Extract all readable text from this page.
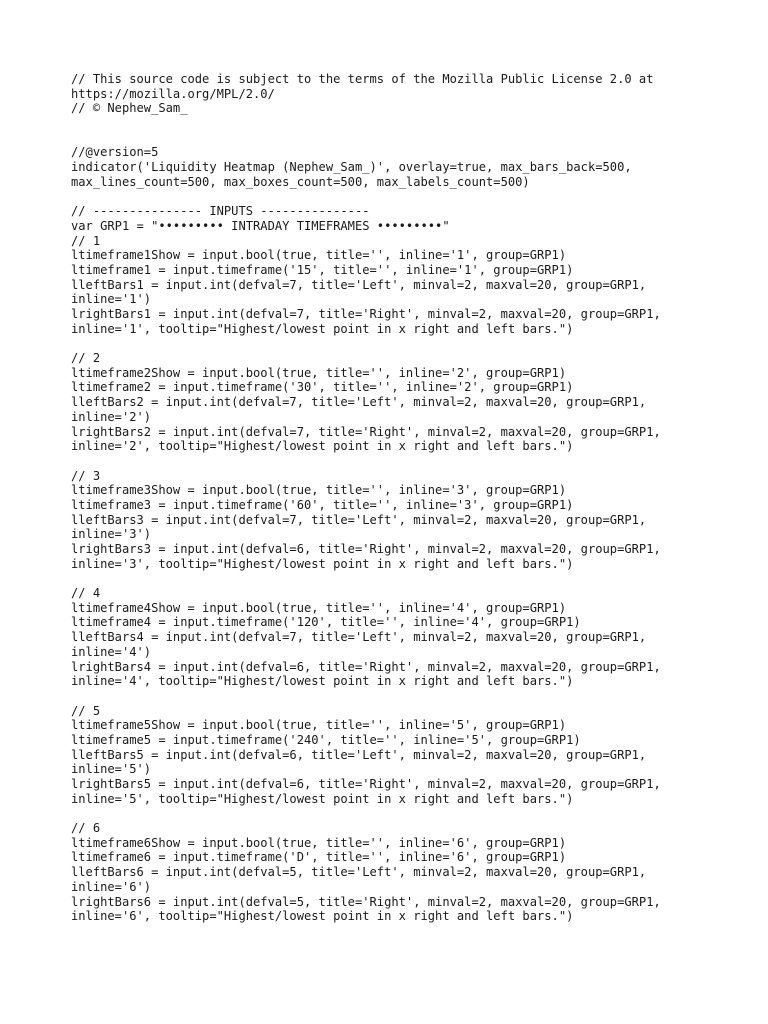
// This source code is subject to the terms of the Mozilla Public License 2.0 at
https://mozilla.org/MPL/2.0/
// © Nephew_Sam_
//@version=5
indicator('Liquidity Heatmap (Nephew_Sam_)', overlay=true, max_bars_back=500,
max_lines_count=500, max_boxes_count=500, max_labels_count=500)
// --------------- INPUTS ---------------
var GRP1 = "••••••••• INTRADAY TIMEFRAMES •••••••••"
// 1
ltimeframe1Show = input.bool(true, title='', inline='1', group=GRP1)
ltimeframe1 = input.timeframe('15', title='', inline='1', group=GRP1)
lleftBars1 = input.int(defval=7, title='Left', minval=2, maxval=20, group=GRP1,
inline='1')
lrightBars1 = input.int(defval=7, title='Right', minval=2, maxval=20, group=GRP1,
inline='1', tooltip="Highest/lowest point in x right and left bars.")
// 2
ltimeframe2Show = input.bool(true, title='', inline='2', group=GRP1)
ltimeframe2 = input.timeframe('30', title='', inline='2', group=GRP1)
lleftBars2 = input.int(defval=7, title='Left', minval=2, maxval=20, group=GRP1,
inline='2')
lrightBars2 = input.int(defval=7, title='Right', minval=2, maxval=20, group=GRP1,
inline='2', tooltip="Highest/lowest point in x right and left bars.")
// 3
ltimeframe3Show = input.bool(true, title='', inline='3', group=GRP1)
ltimeframe3 = input.timeframe('60', title='', inline='3', group=GRP1)
lleftBars3 = input.int(defval=7, title='Left', minval=2, maxval=20, group=GRP1,
inline='3')
lrightBars3 = input.int(defval=6, title='Right', minval=2, maxval=20, group=GRP1,
inline='3', tooltip="Highest/lowest point in x right and left bars.")
// 4
ltimeframe4Show = input.bool(true, title='', inline='4', group=GRP1)
ltimeframe4 = input.timeframe('120', title='', inline='4', group=GRP1)
lleftBars4 = input.int(defval=7, title='Left', minval=2, maxval=20, group=GRP1,
inline='4')
lrightBars4 = input.int(defval=6, title='Right', minval=2, maxval=20, group=GRP1,
inline='4', tooltip="Highest/lowest point in x right and left bars.")
// 5
ltimeframe5Show = input.bool(true, title='', inline='5', group=GRP1)
ltimeframe5 = input.timeframe('240', title='', inline='5', group=GRP1)
lleftBars5 = input.int(defval=6, title='Left', minval=2, maxval=20, group=GRP1,
inline='5')
lrightBars5 = input.int(defval=6, title='Right', minval=2, maxval=20, group=GRP1,
inline='5', tooltip="Highest/lowest point in x right and left bars.")
// 6
ltimeframe6Show = input.bool(true, title='', inline='6', group=GRP1)
ltimeframe6 = input.timeframe('D', title='', inline='6', group=GRP1)
lleftBars6 = input.int(defval=5, title='Left', minval=2, maxval=20, group=GRP1,
inline='6')
lrightBars6 = input.int(defval=5, title='Right', minval=2, maxval=20, group=GRP1,
inline='6', tooltip="Highest/lowest point in x right and left bars.")
